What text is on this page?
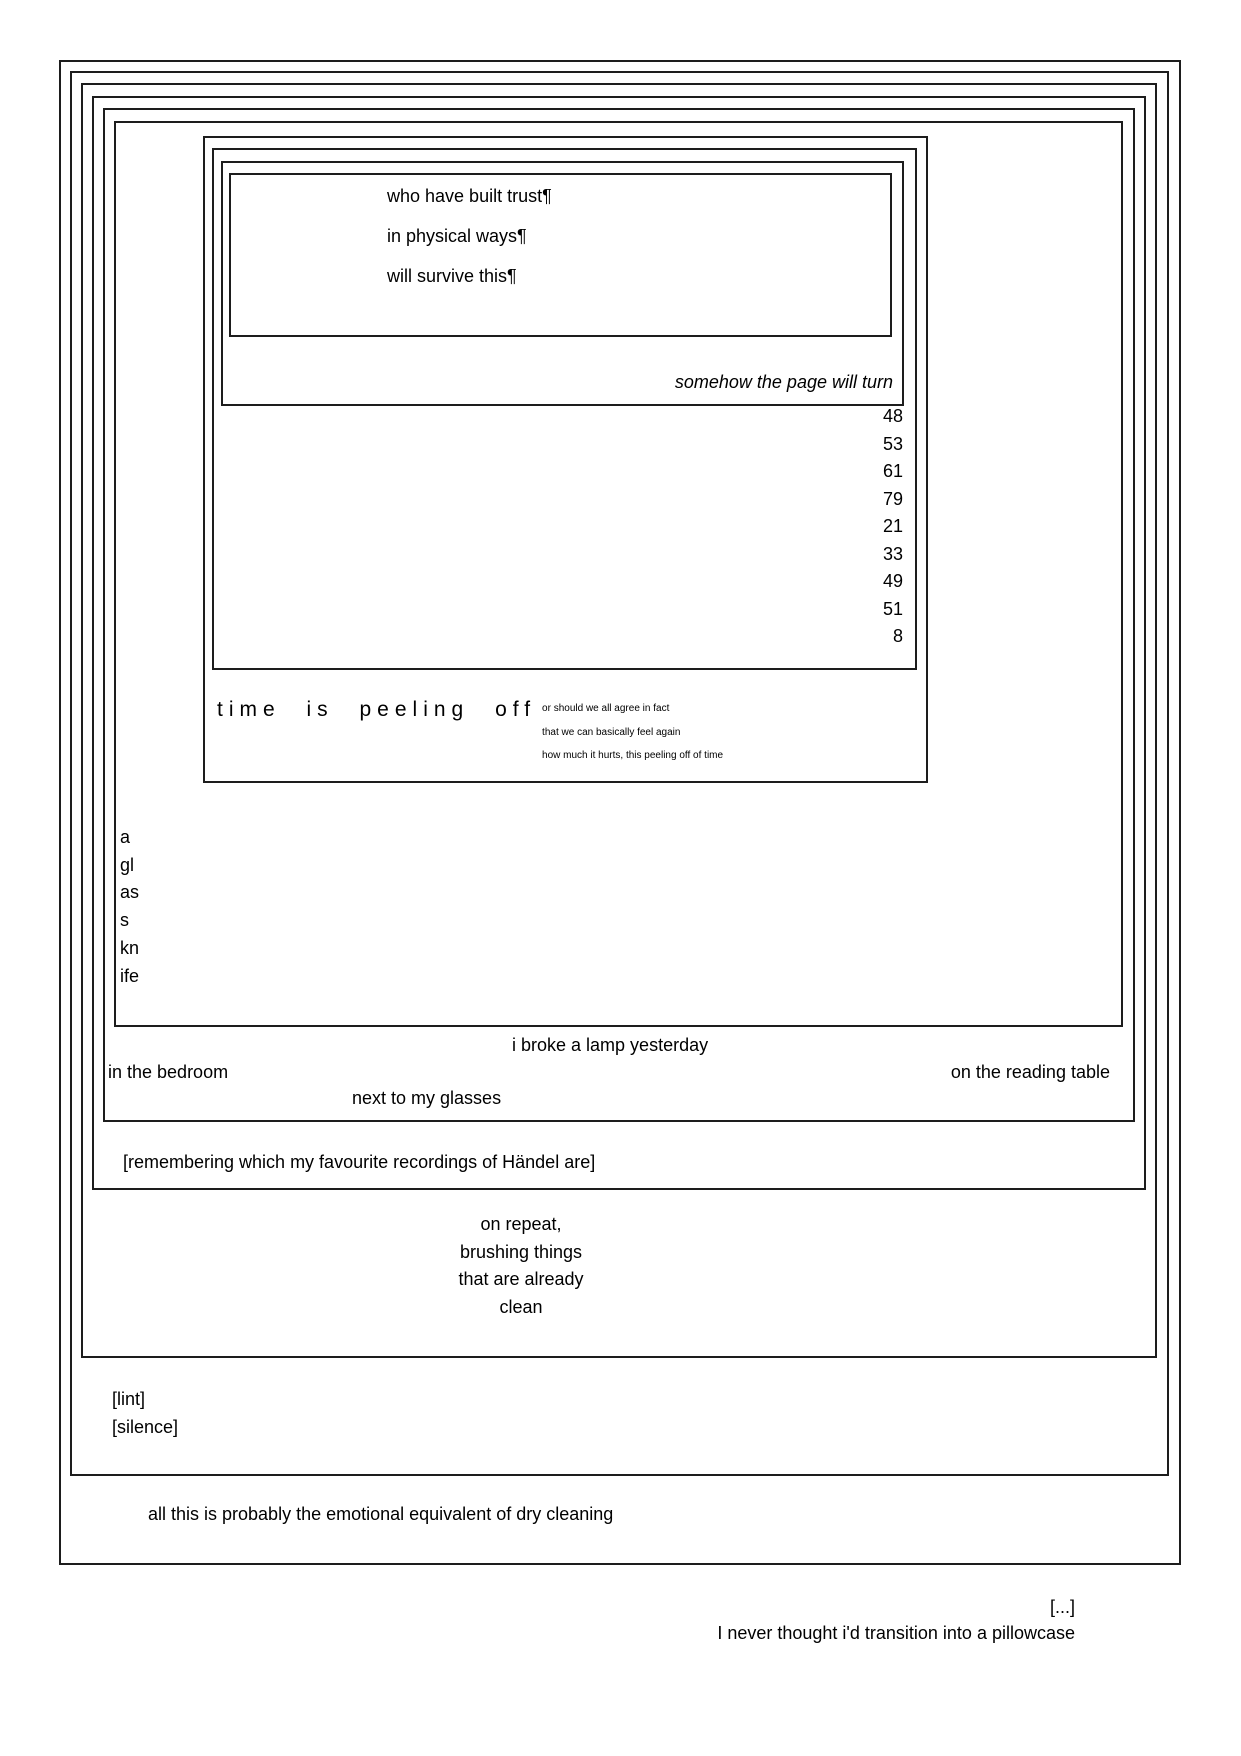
who have built trust¶
in physical ways¶
will survive this¶
somehow the page will turn
48
53
61
79
21
33
49
51
8
time is peeling off or should we all agree in fact
that we can basically feel again
how much it hurts, this peeling off of time
a
gl
as
s
kn
ife
i broke a lamp yesterday
in the bedroom	on the reading table
next to my glasses
[remembering which my favourite recordings of Händel are]
on repeat,
brushing things
that are already
clean
[lint]
[silence]
all this is probably the emotional equivalent of dry cleaning
[...]
I never thought i'd transition into a pillowcase
